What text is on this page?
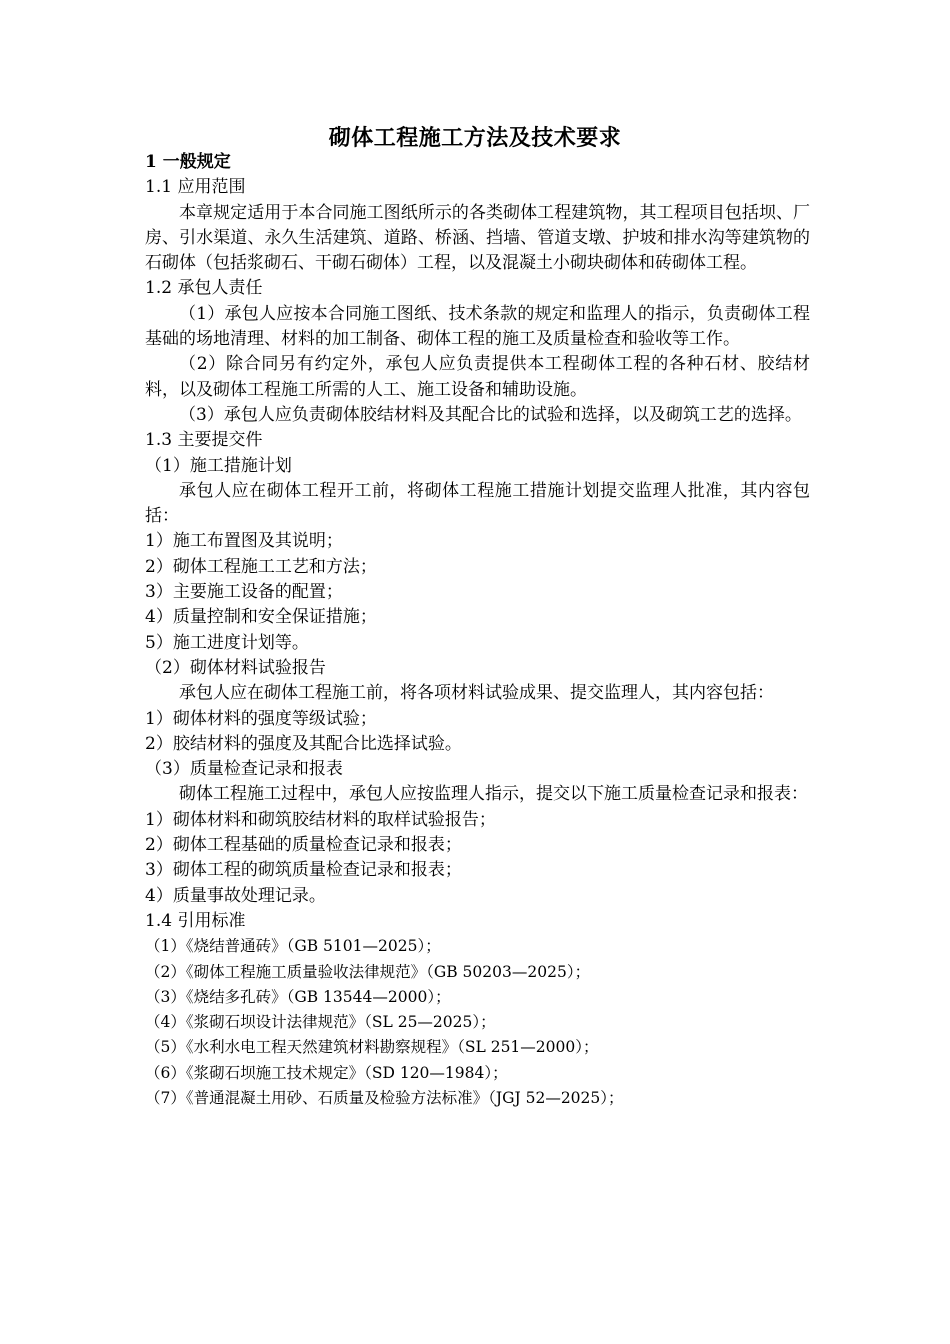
砌体工程施工方法及技术要求

1 一般规定

1.1 应用范围

本章规定适用于本合同施工图纸所示的各类砌体工程建筑物，其工程项目包括坝、厂房、引水渠道、永久生活建筑、道路、桥涵、挡墙、管道支墩、护坡和排水沟等建筑物的石砌体（包括浆砌石、干砌石砌体）工程，以及混凝土小砌块砌体和砖砌体工程。

1.2 承包人责任

（1）承包人应按本合同施工图纸、技术条款的规定和监理人的指示，负责砌体工程基础的场地清理、材料的加工制备、砌体工程的施工及质量检查和验收等工作。

（2）除合同另有约定外，承包人应负责提供本工程砌体工程的各种石材、胶结材料，以及砌体工程施工所需的人工、施工设备和辅助设施。

（3）承包人应负责砌体胶结材料及其配合比的试验和选择，以及砌筑工艺的选择。

1.3 主要提交件

（1）施工措施计划

承包人应在砌体工程开工前，将砌体工程施工措施计划提交监理人批准，其内容包括：

1）施工布置图及其说明；

2）砌体工程施工工艺和方法；

3）主要施工设备的配置；

4）质量控制和安全保证措施；

5）施工进度计划等。

（2）砌体材料试验报告

承包人应在砌体工程施工前，将各项材料试验成果、提交监理人，其内容包括：

1）砌体材料的强度等级试验；

2）胶结材料的强度及其配合比选择试验。

（3）质量检查记录和报表

砌体工程施工过程中，承包人应按监理人指示，提交以下施工质量检查记录和报表：

1）砌体材料和砌筑胶结材料的取样试验报告；

2）砌体工程基础的质量检查记录和报表；

3）砌体工程的砌筑质量检查记录和报表；

4）质量事故处理记录。

1.4 引用标准

（1）《烧结普通砖》（GB 5101—2025）；

（2）《砌体工程施工质量验收法律规范》（GB 50203—2025）；

（3）《烧结多孔砖》（GB 13544—2000）；

（4）《浆砌石坝设计法律规范》（SL 25—2025）；

（5）《水利水电工程天然建筑材料勘察规程》（SL 251—2000）；

（6）《浆砌石坝施工技术规定》（SD 120—1984）；

（7）《普通混凝土用砂、石质量及检验方法标准》（JGJ 52—2025）；
